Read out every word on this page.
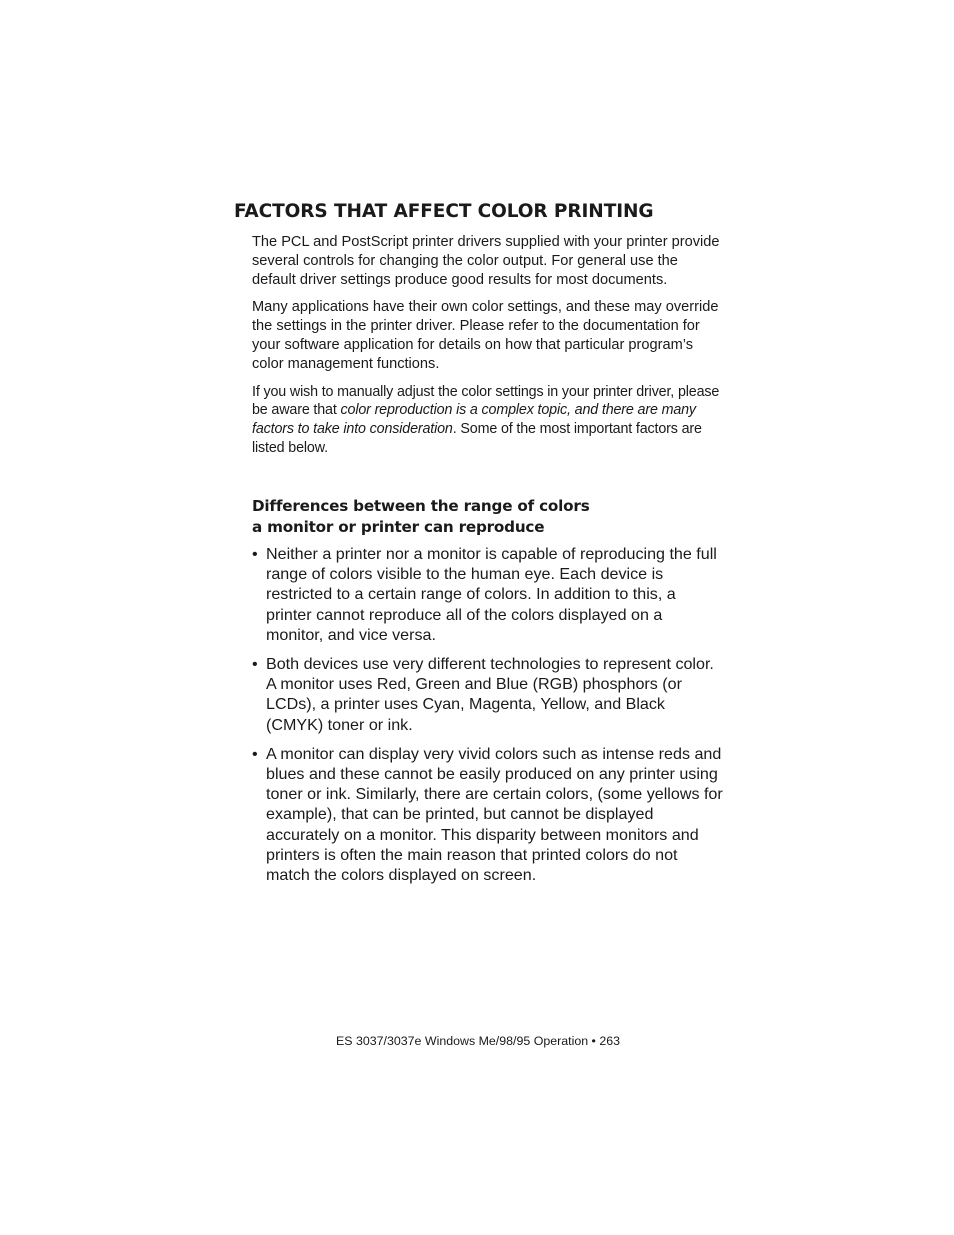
FACTORS THAT AFFECT COLOR PRINTING

The PCL and PostScript printer drivers supplied with your printer provide several controls for changing the color output. For general use the default driver settings produce good results for most documents.

Many applications have their own color settings, and these may override the settings in the printer driver. Please refer to the documentation for your software application for details on how that particular program’s color management functions.

If you wish to manually adjust the color settings in your printer driver, please be aware that color reproduction is a complex topic, and there are many factors to take into consideration. Some of the most important factors are listed below.

Differences between the range of colors
a monitor or printer can reproduce
• Neither a printer nor a monitor is capable of reproducing the full range of colors visible to the human eye. Each device is restricted to a certain range of colors. In addition to this, a printer cannot reproduce all of the colors displayed on a monitor, and vice versa.
• Both devices use very different technologies to represent color. A monitor uses Red, Green and Blue (RGB) phosphors (or LCDs), a printer uses Cyan, Magenta, Yellow, and Black (CMYK) toner or ink.
• A monitor can display very vivid colors such as intense reds and blues and these cannot be easily produced on any printer using toner or ink. Similarly, there are certain colors, (some yellows for example), that can be printed, but cannot be displayed accurately on a monitor. This disparity between monitors and printers is often the main reason that printed colors do not match the colors displayed on screen.
ES 3037/3037e Windows Me/98/95 Operation • 263
